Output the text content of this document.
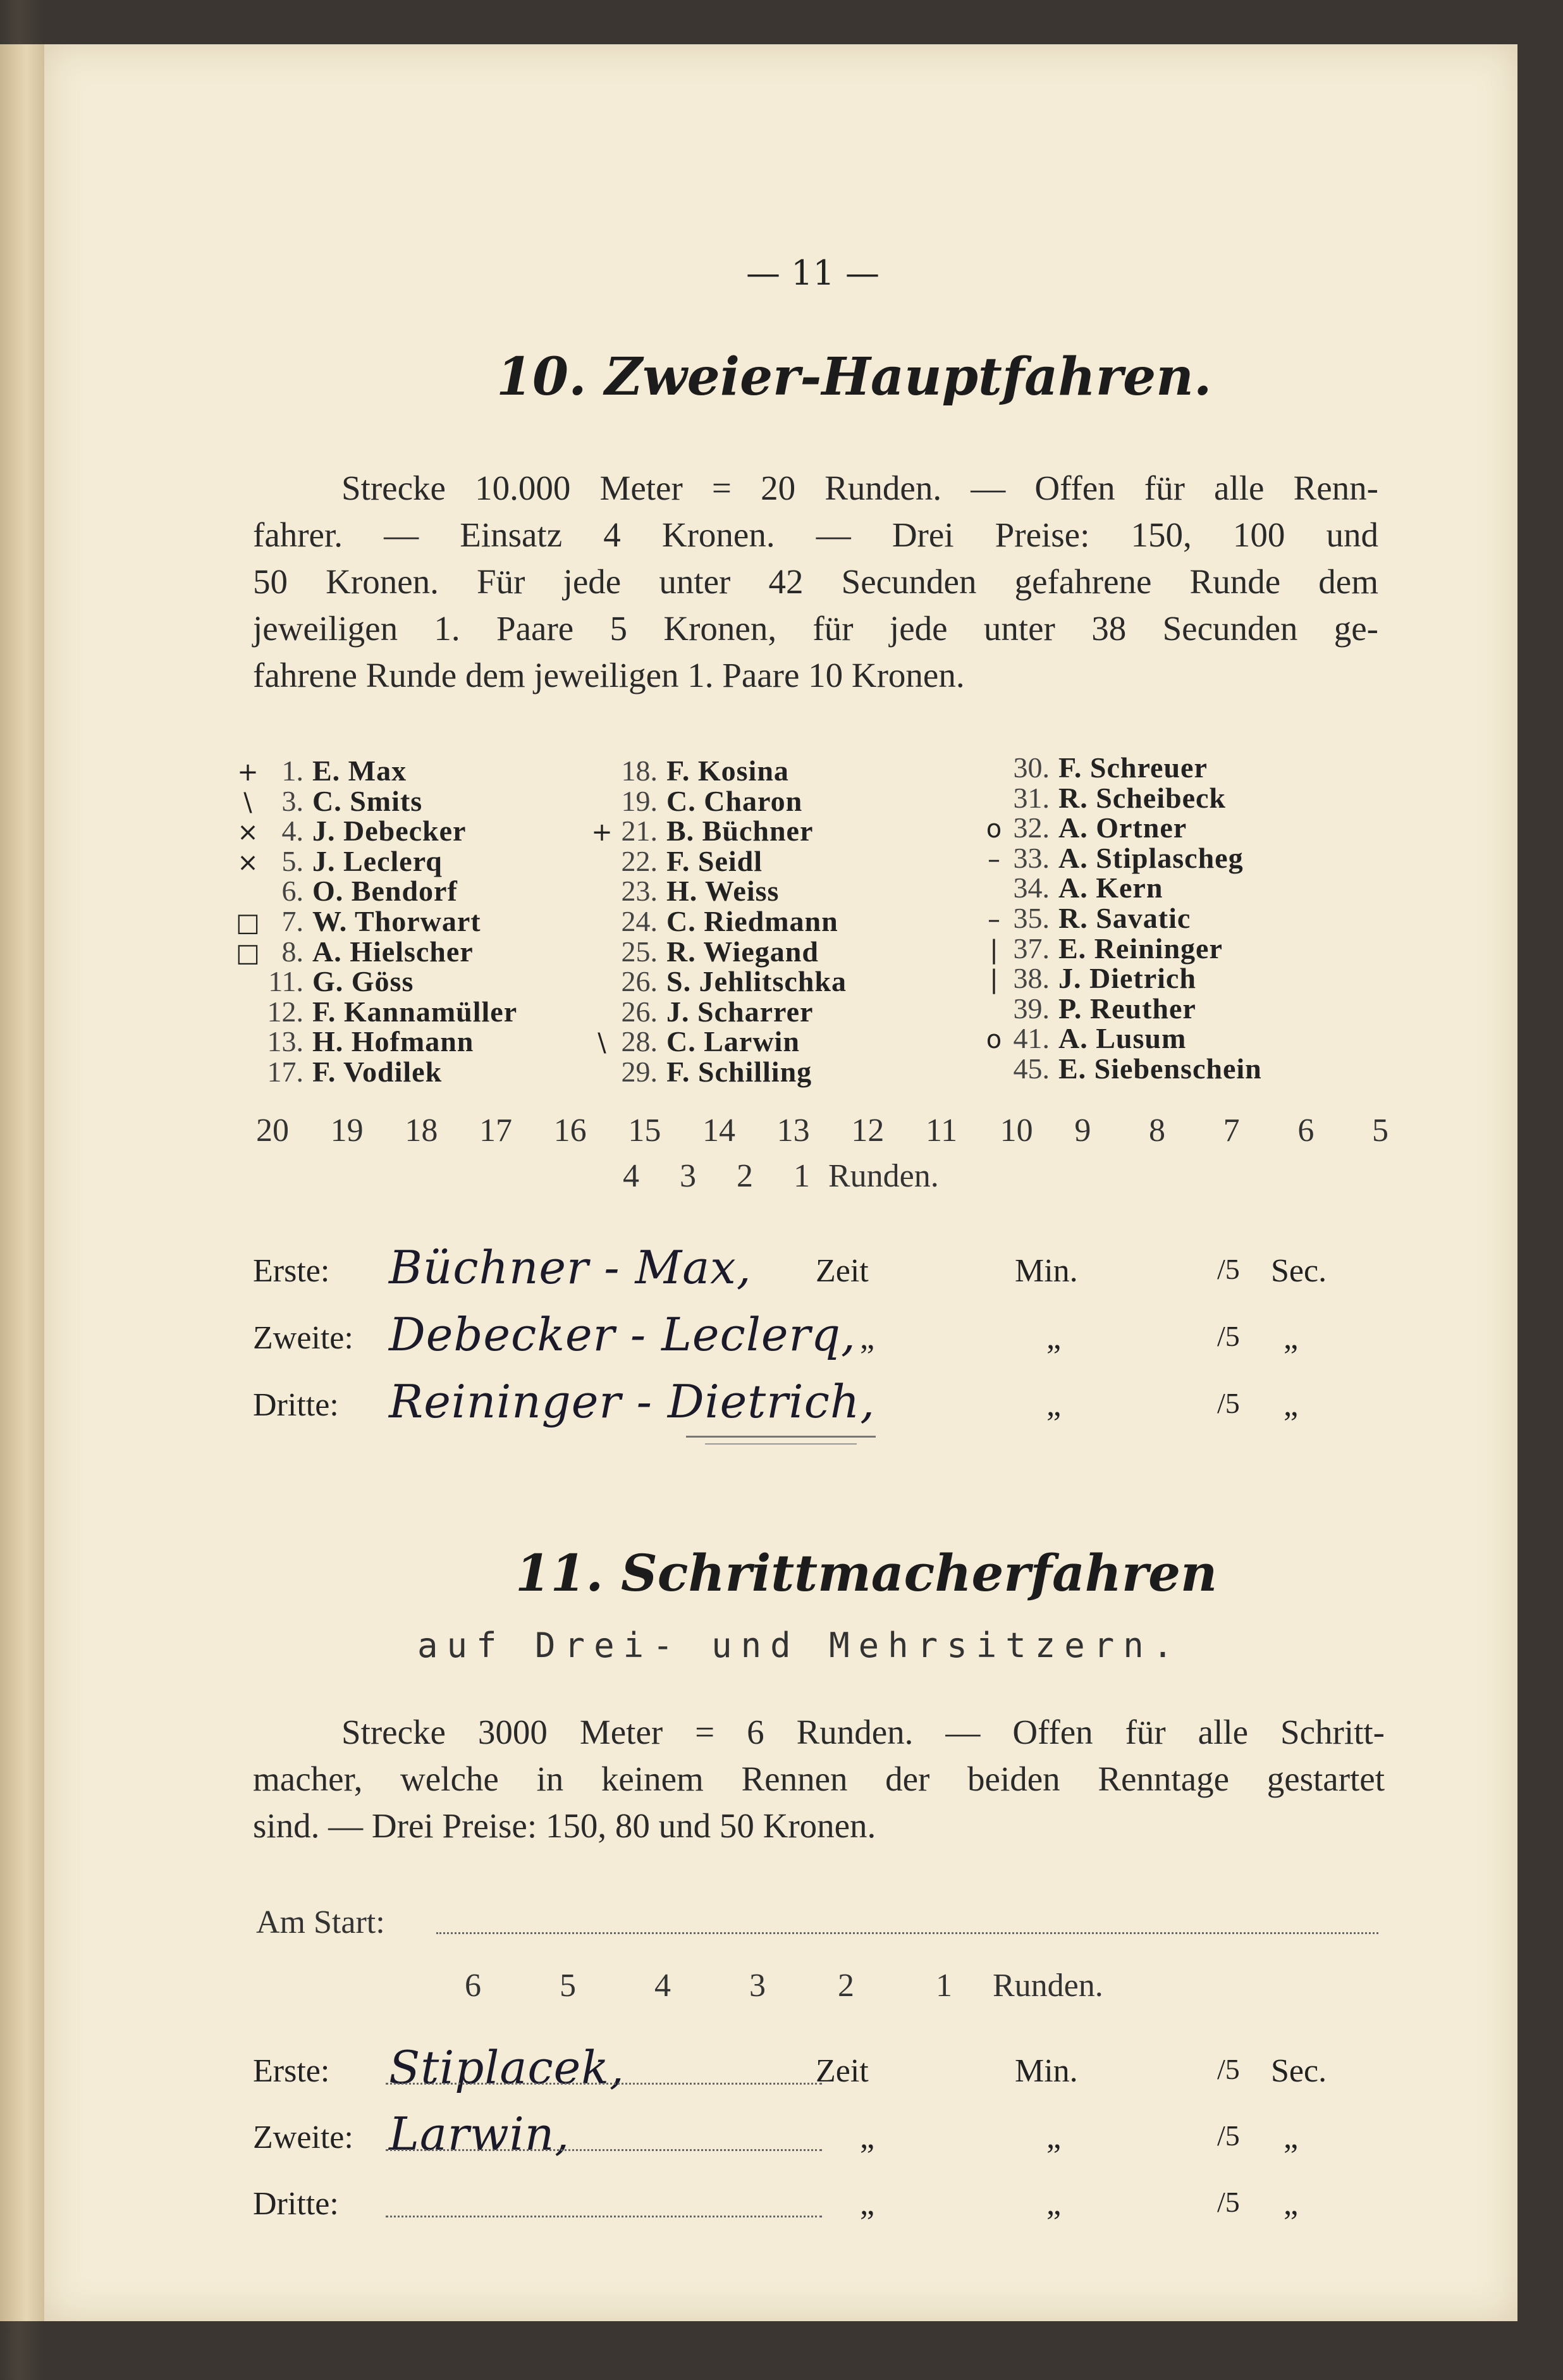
— 11 —
10. Zweier-Hauptfahren.
Strecke 10.000 Meter = 20 Runden. — Offen für alle Renn-
fahrer. — Einsatz 4 Kronen. — Drei Preise: 150, 100 und
50 Kronen. Für jede unter 42 Secunden gefahrene Runde dem
jeweiligen 1. Paare 5 Kronen, für jede unter 38 Secunden ge-
fahrene Runde dem jeweiligen 1. Paare 10 Kronen.
+ 1. E. Max
\	3. C. Smits
× 4. J. Debecker
× 5. J. Leclerq
6. O. Bendorf
□ 7. W. Thorwart
□ 8. A. Hielscher
11. G. Göss
12. F. Kannamüller
13. H. Hofmann
17. F. Vodilek
18. F. Kosina
19. C. Charon
+ 21. B. Büchner
22. F. Seidl
23. H. Weiss
24. C. Riedmann
25. R. Wiegand
26. S. Jehlitschka
26. J. Scharrer
\ 28. C. Larwin
29. F. Schilling
30. F. Schreuer
31. R. Scheibeck
o 32. A. Ortner
– 33. A. Stiplascheg
34. A. Kern
– 35. R. Savatic
| 37. E. Reininger
| 38. J. Dietrich
39. P. Reuther
o 41. A. Lusum
45. E. Siebenschein
20 19 18 17 16 15 14 13 12 11 10 9 8 7 6 5
4 3 2 1 Runden.
Erste: Büchner - Max, Zeit	Min.	/5 Sec.
Zweite: Debecker - Leclerq, „	„	/5 „
Dritte: Reininger - Dietrich,	„	/5 „
11. Schrittmacherfahren
auf Drei- und Mehrsitzern.
Strecke 3000 Meter = 6 Runden. — Offen für alle Schritt-
macher, welche in keinem Rennen der beiden Renntage gestartet
sind. — Drei Preise: 150, 80 und 50 Kronen.
Am Start:
6 5 4 3 2 1 Runden.
Erste: Stiplacek,	Zeit	Min.	/5 Sec.
Zweite: Larwin,	„	„	/5 „
Dritte:	„	„	/5 „
